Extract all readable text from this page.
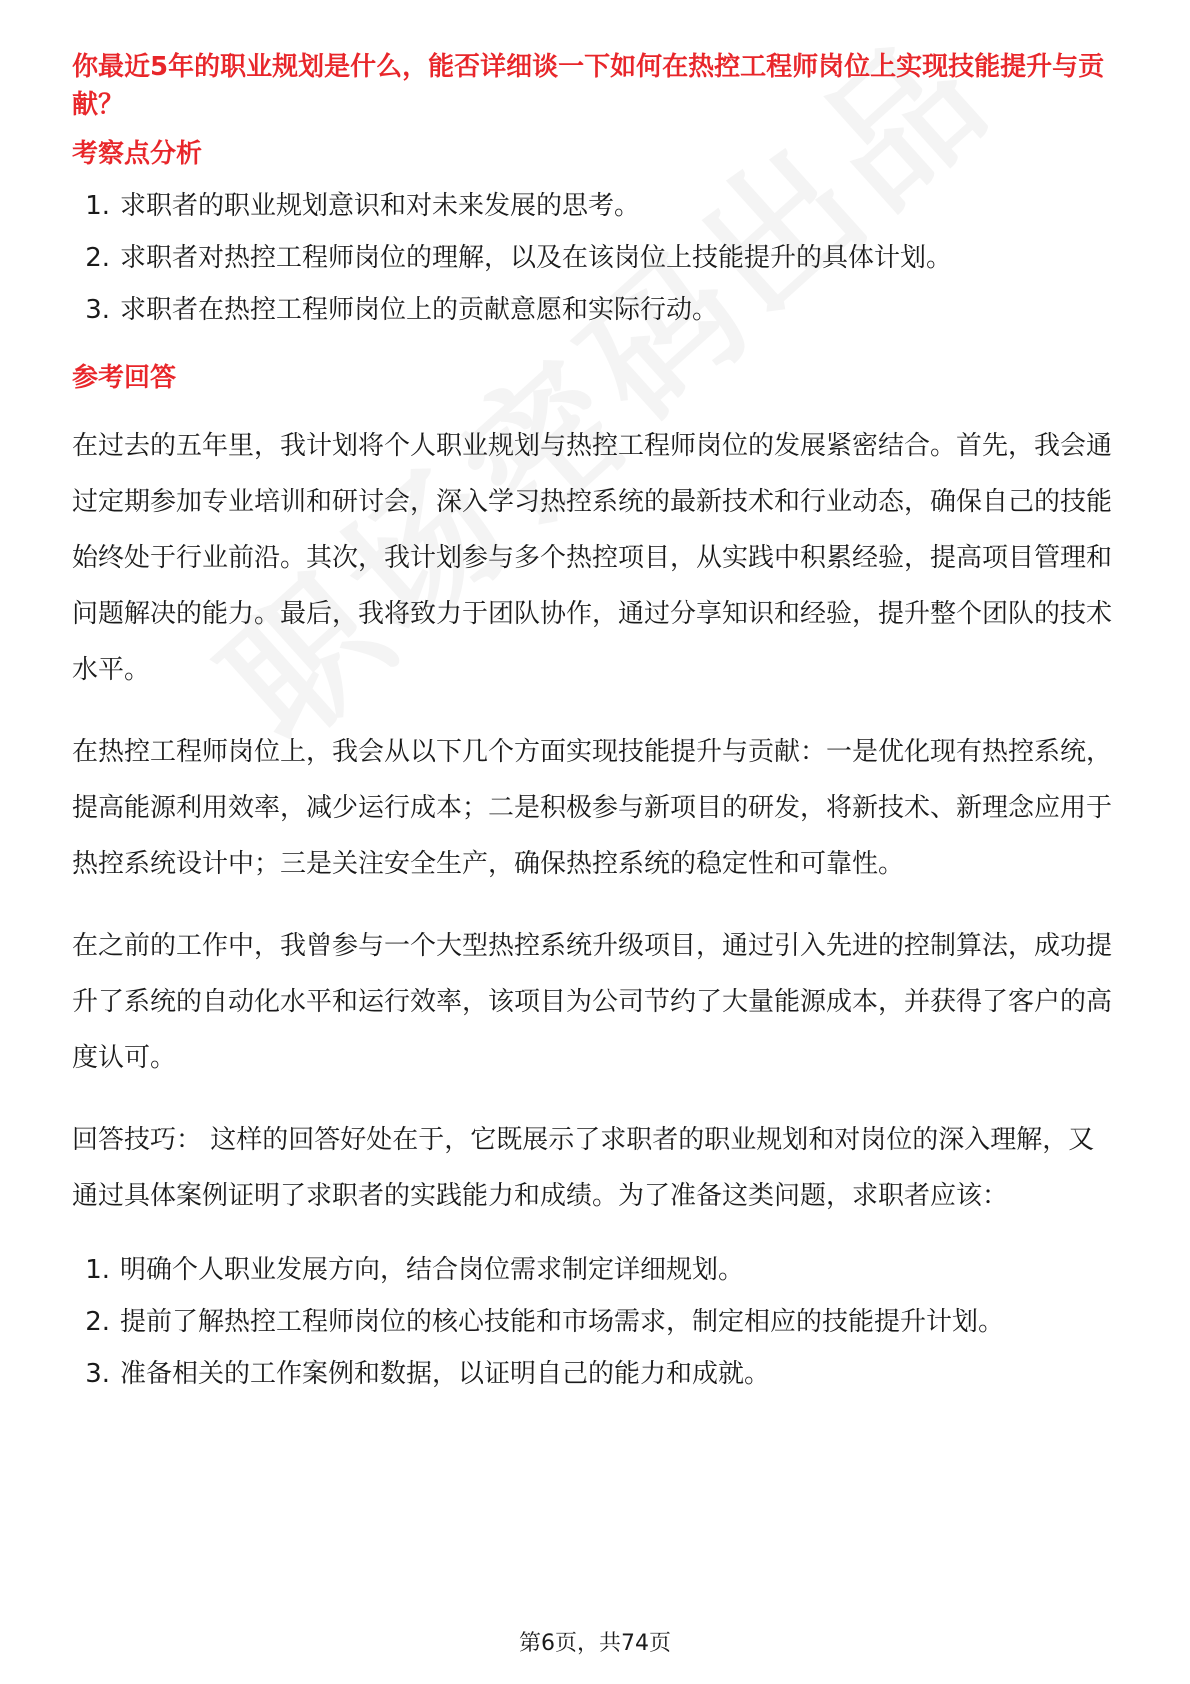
你最近5年的职业规划是什么，能否详细谈一下如何在热控工程师岗位上实现技能提升与贡献？

考察点分析
1. 求职者的职业规划意识和对未来发展的思考。
2. 求职者对热控工程师岗位的理解，以及在该岗位上技能提升的具体计划。
3. 求职者在热控工程师岗位上的贡献意愿和实际行动。
参考回答

在过去的五年里，我计划将个人职业规划与热控工程师岗位的发展紧密结合。首先，我会通过定期参加专业培训和研讨会，深入学习热控系统的最新技术和行业动态，确保自己的技能始终处于行业前沿。其次，我计划参与多个热控项目，从实践中积累经验，提高项目管理和问题解决的能力。最后，我将致力于团队协作，通过分享知识和经验，提升整个团队的技术水平。

在热控工程师岗位上，我会从以下几个方面实现技能提升与贡献：一是优化现有热控系统，提高能源利用效率，减少运行成本；二是积极参与新项目的研发，将新技术、新理念应用于热控系统设计中；三是关注安全生产，确保热控系统的稳定性和可靠性。

在之前的工作中，我曾参与一个大型热控系统升级项目，通过引入先进的控制算法，成功提升了系统的自动化水平和运行效率，该项目为公司节约了大量能源成本，并获得了客户的高度认可。

回答技巧： 这样的回答好处在于，它既展示了求职者的职业规划和对岗位的深入理解，又通过具体案例证明了求职者的实践能力和成绩。为了准备这类问题，求职者应该：

1. 明确个人职业发展方向，结合岗位需求制定详细规划。
2. 提前了解热控工程师岗位的核心技能和市场需求，制定相应的技能提升计划。
3. 准备相关的工作案例和数据，以证明自己的能力和成就。
第6页，共74页
